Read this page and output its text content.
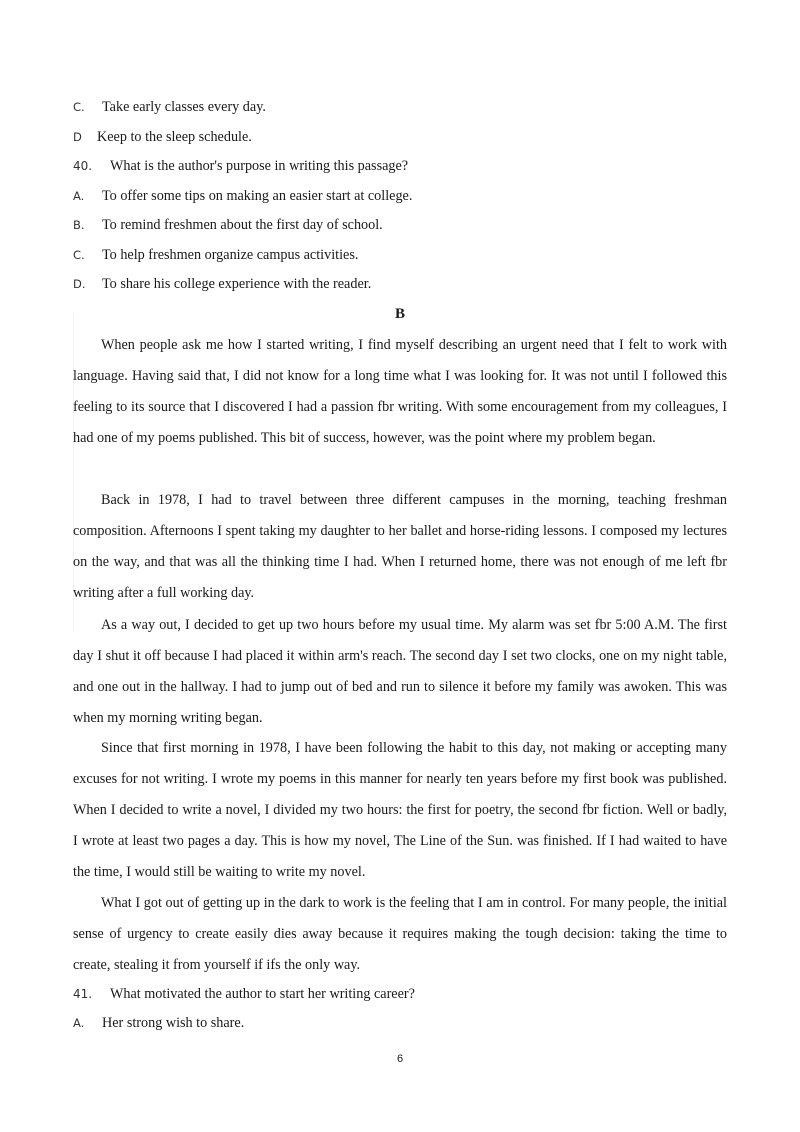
C. Take early classes every day.
D Keep to the sleep schedule.
40. What is the author's purpose in writing this passage?
A. To offer some tips on making an easier start at college.
B. To remind freshmen about the first day of school.
C. To help freshmen organize campus activities.
D. To share his college experience with the reader.
B

When people ask me how I started writing, I find myself describing an urgent need that I felt to work with language. Having said that, I did not know for a long time what I was looking for. It was not until I followed this feeling to its source that I discovered I had a passion fbr writing. With some encouragement from my colleagues, I had one of my poems published. This bit of success, however, was the point where my problem began.

Back in 1978, I had to travel between three different campuses in the morning, teaching freshman composition. Afternoons I spent taking my daughter to her ballet and horse-riding lessons. I composed my lectures on the way, and that was all the thinking time I had. When I returned home, there was not enough of me left fbr writing after a full working day.

As a way out, I decided to get up two hours before my usual time. My alarm was set fbr 5:00 A.M. The first day I shut it off because I had placed it within arm's reach. The second day I set two clocks, one on my night table, and one out in the hallway. I had to jump out of bed and run to silence it before my family was awoken. This was when my morning writing began.

Since that first morning in 1978, I have been following the habit to this day, not making or accepting many excuses for not writing. I wrote my poems in this manner for nearly ten years before my first book was published. When I decided to write a novel, I divided my two hours: the first for poetry, the second fbr fiction. Well or badly, I wrote at least two pages a day. This is how my novel, The Line of the Sun. was finished. If I had waited to have the time, I would still be waiting to write my novel.

What I got out of getting up in the dark to work is the feeling that I am in control. For many people, the initial sense of urgency to create easily dies away because it requires making the tough decision: taking the time to create, stealing it from yourself if ifs the only way.

41. What motivated the author to start her writing career?
A. Her strong wish to share.
6
